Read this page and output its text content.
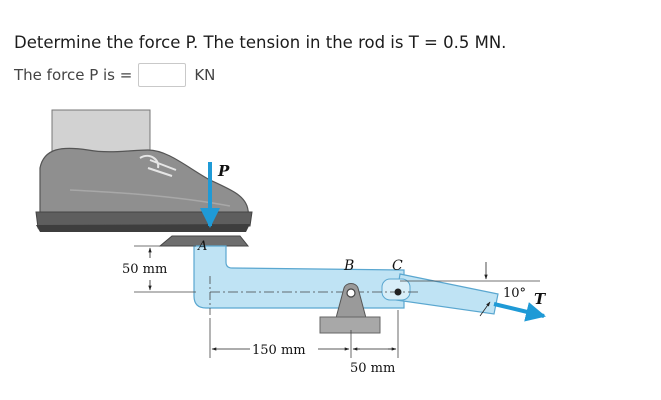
Determine the force P. The tension in the rod is T = 0.5 MN.
The force P is =	KN
P
A
B	C
T
10°
50 mm
150 mm
50 mm
